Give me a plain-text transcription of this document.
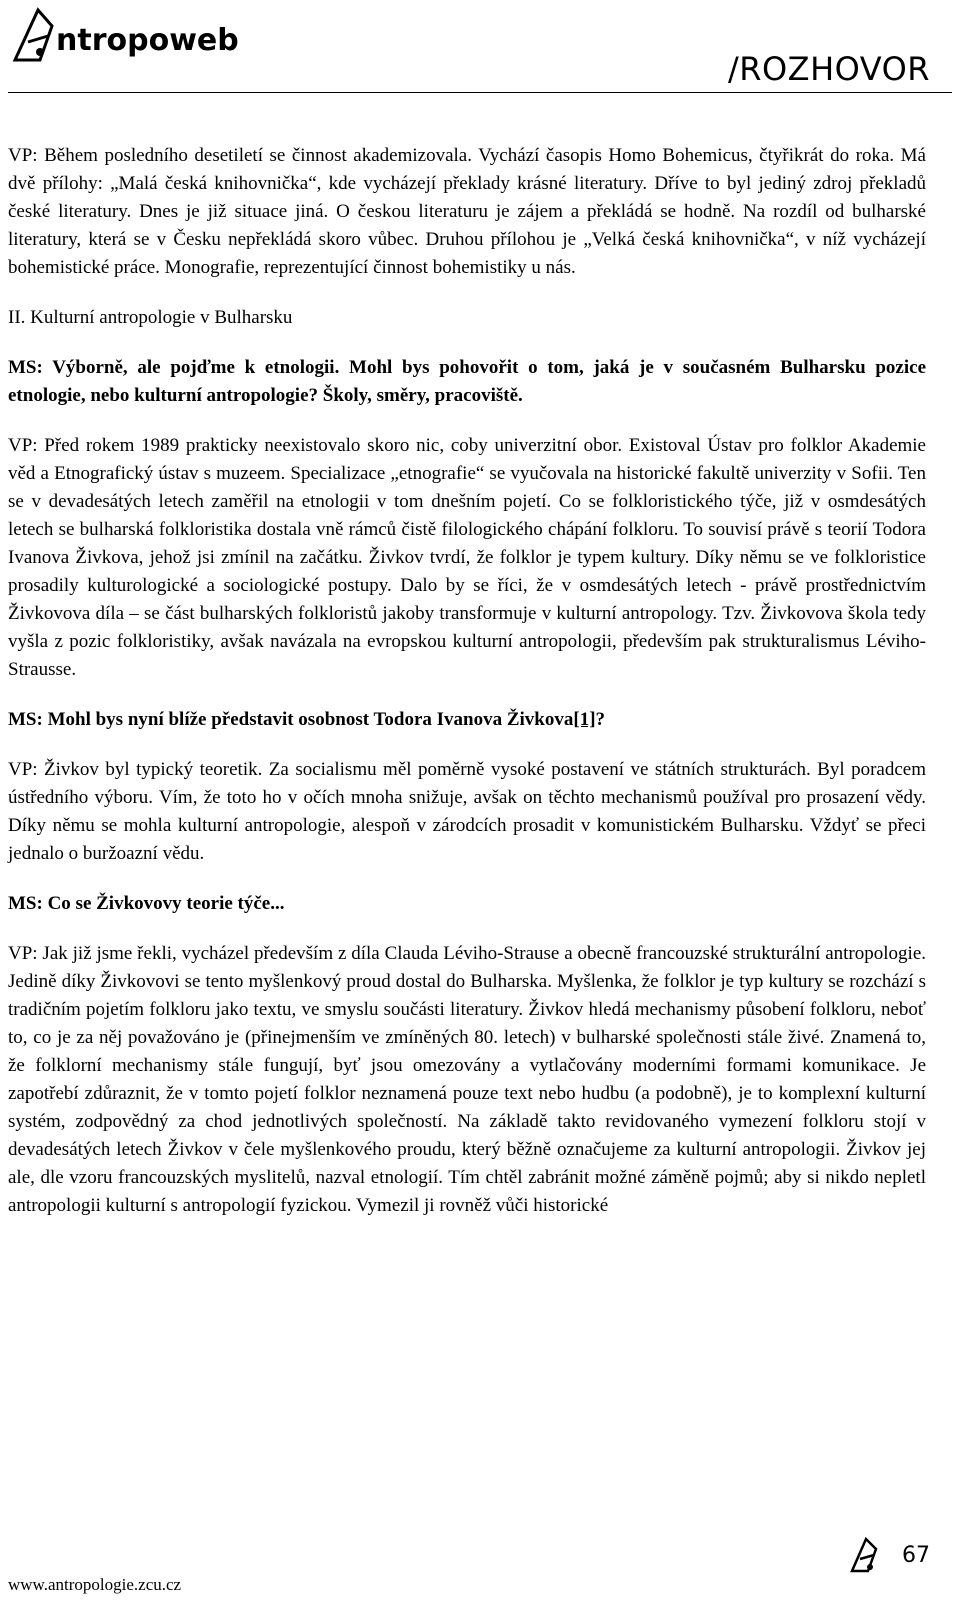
ntropoweb
/ROZHOVOR

VP: Během posledního desetiletí se činnost akademizovala. Vychází časopis Homo Bohemicus, čtyřikrát do roka. Má dvě přílohy: „Malá česká knihovnička“, kde vycházejí překlady krásné literatury. Dříve to byl jediný zdroj překladů české literatury. Dnes je již situace jiná. O českou literaturu je zájem a překládá se hodně. Na rozdíl od bulharské literatury, která se v Česku nepřekládá skoro vůbec. Druhou přílohou je „Velká česká knihovnička“, v níž vycházejí bohemistické práce. Monografie, reprezentující činnost bohemistiky u nás.

II. Kulturní antropologie v Bulharsku

MS: Výborně, ale pojďme k etnologii. Mohl bys pohovořit o tom, jaká je v současném Bulharsku pozice etnologie, nebo kulturní antropologie? Školy, směry, pracoviště.

VP: Před rokem 1989 prakticky neexistovalo skoro nic, coby univerzitní obor. Existoval Ústav pro folklor Akademie věd a Etnografický ústav s muzeem. Specializace „etnografie“ se vyučovala na historické fakultě univerzity v Sofii. Ten se v devadesátých letech zaměřil na etnologii v tom dnešním pojetí. Co se folkloristického týče, již v osmdesátých letech se bulharská folkloristika dostala vně rámců čistě filologického chápání folkloru. To souvisí právě s teorií Todora Ivanova Živkova, jehož jsi zmínil na začátku. Živkov tvrdí, že folklor je typem kultury. Díky němu se ve folkloristice prosadily kulturologické a sociologické postupy. Dalo by se říci, že v osmdesátých letech - právě prostřednictvím Živkovova díla – se část bulharských folkloristů jakoby transformuje v kulturní antropology. Tzv. Živkovova škola tedy vyšla z pozic folkloristiky, avšak navázala na evropskou kulturní antropologii, především pak strukturalismus Léviho-Strausse.

MS: Mohl bys nyní blíže představit osobnost Todora Ivanova Živkova[1]?

VP: Živkov byl typický teoretik. Za socialismu měl poměrně vysoké postavení ve státních strukturách. Byl poradcem ústředního výboru. Vím, že toto ho v očích mnoha snižuje, avšak on těchto mechanismů používal pro prosazení vědy. Díky němu se mohla kulturní antropologie, alespoň v zárodcích prosadit v komunistickém Bulharsku. Vždyť se přeci jednalo o buržoazní vědu.

MS: Co se Živkovovy teorie týče...

VP: Jak již jsme řekli, vycházel především z díla Clauda Léviho-Strause a obecně francouzské strukturální antropologie. Jedině díky Živkovovi se tento myšlenkový proud dostal do Bulharska. Myšlenka, že folklor je typ kultury se rozchází s tradičním pojetím folkloru jako textu, ve smyslu součásti literatury. Živkov hledá mechanismy působení folkloru, neboť to, co je za něj považováno je (přinejmenším ve zmíněných 80. letech) v bulharské společnosti stále živé. Znamená to, že folklorní mechanismy stále fungují, byť jsou omezovány a vytlačovány moderními formami komunikace. Je zapotřebí zdůraznit, že v tomto pojetí folklor neznamená pouze text nebo hudbu (a podobně), je to komplexní kulturní systém, zodpovědný za chod jednotlivých společností. Na základě takto revidovaného vymezení folkloru stojí v devadesátých letech Živkov v čele myšlenkového proudu, který běžně označujeme za kulturní antropologii. Živkov jej ale, dle vzoru francouzských myslitelů, nazval etnologií. Tím chtěl zabránit možné záměně pojmů; aby si nikdo nepletl antropologii kulturní s antropologií fyzickou. Vymezil ji rovněž vůči historické

www.antropologie.zcu.cz
67
